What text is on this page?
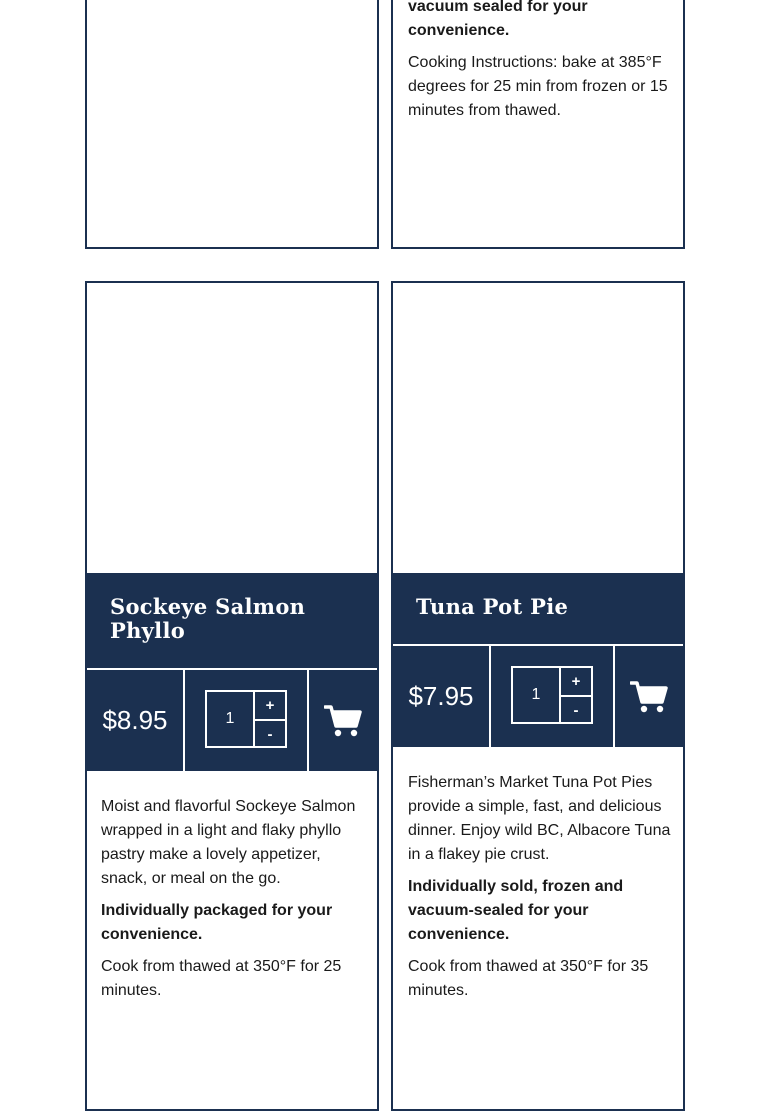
vacuum sealed for your convenience.

Cooking Instructions: bake at 385°F degrees for 25 min from frozen or 15 minutes from thawed.

Sockeye Salmon Phyllo
$8.95	1
+
-

Moist and flavorful Sockeye Salmon wrapped in a light and flaky phyllo pastry make a lovely appetizer, snack, or meal on the go.

Individually packaged for your convenience.

Cook from thawed at 350°F for 25 minutes.

Tuna Pot Pie
$7.95	1
+
-

Fisherman’s Market Tuna Pot Pies provide a simple, fast, and delicious dinner. Enjoy wild BC, Albacore Tuna in a flakey pie crust.

Individually sold, frozen and vacuum-sealed for your convenience.

Cook from thawed at 350°F for 35 minutes.
